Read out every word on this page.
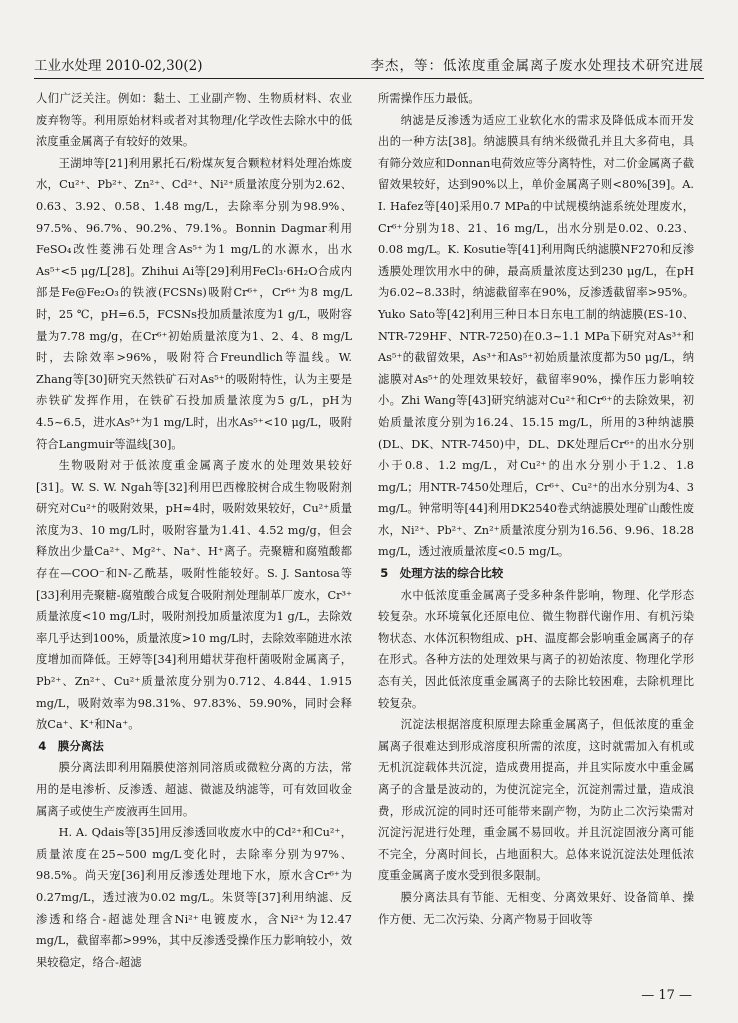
工业水处理 2010-02,30(2)	李杰，等：低浓度重金属离子废水处理技术研究进展

人们广泛关注。例如：黏土、工业副产物、生物质材料、农业废弃物等。利用原始材料或者对其物理/化学改性去除水中的低浓度重金属离子有较好的效果。

王湖坤等[21]利用累托石/粉煤灰复合颗粒材料处理冶炼废水，Cu²⁺、Pb²⁺、Zn²⁺、Cd²⁺、Ni²⁺质量浓度分别为2.62、0.63、3.92、0.58、1.48 mg/L，去除率分别为98.9%、97.5%、96.7%、90.2%、79.1%。Bonnin Dagmar利用FeSO₄改性菱沸石处理含As⁵⁺为1 mg/L的水源水，出水As⁵⁺<5 μg/L[28]。Zhihui Ai等[29]利用FeCl₃·6H₂O合成内部是Fe@Fe₂O₃的铁液(FCSNs)吸附Cr⁶⁺，Cr⁶⁺为8 mg/L时，25 ℃，pH=6.5，FCSNs投加质量浓度为1 g/L，吸附容量为7.78 mg/g，在Cr⁶⁺初始质量浓度为1、2、4、8 mg/L时，去除效率>96%，吸附符合Freundlich等温线。W. Zhang等[30]研究天然铁矿石对As⁵⁺的吸附特性，认为主要是赤铁矿发挥作用，在铁矿石投加质量浓度为5 g/L，pH为4.5~6.5，进水As⁵⁺为1 mg/L时，出水As⁵⁺<10 μg/L，吸附符合Langmuir等温线[30]。

生物吸附对于低浓度重金属离子废水的处理效果较好[31]。W. S. W. Ngah等[32]利用巴西橡胶树合成生物吸附剂研究对Cu²⁺的吸附效果，pH≈4时，吸附效果较好，Cu²⁺质量浓度为3、10 mg/L时，吸附容量为1.41、4.52 mg/g，但会释放出少量Ca²⁺、Mg²⁺、Na⁺、H⁺离子。壳聚糖和腐殖酸都存在—COO⁻和N-乙酰基，吸附性能较好。S. J. Santosa等[33]利用壳聚糖-腐殖酸合成复合吸附剂处理制革厂废水，Cr³⁺质量浓度<10 mg/L时，吸附剂投加质量浓度为1 g/L，去除效率几乎达到100%，质量浓度>10 mg/L时，去除效率随进水浓度增加而降低。王婷等[34]利用蜡状芽孢杆菌吸附金属离子，Pb²⁺、Zn²⁺、Cu²⁺质量浓度分别为0.712、4.844、1.915 mg/L，吸附效率为98.31%、97.83%、59.90%，同时会释放Ca⁺、K⁺和Na⁺。

4　膜分离法

膜分离法即利用隔膜使溶剂同溶质或微粒分离的方法，常用的是电渗析、反渗透、超滤、微滤及纳滤等，可有效回收金属离子或使生产废液再生回用。

H. A. Qdais等[35]用反渗透回收废水中的Cd²⁺和Cu²⁺，质量浓度在25~500 mg/L变化时，去除率分别为97%、98.5%。尚天宠[36]利用反渗透处理地下水，原水含Cr⁶⁺为0.27mg/L，透过液为0.02 mg/L。朱贤等[37]利用纳滤、反渗透和络合-超滤处理含Ni²⁺电镀废水，含Ni²⁺为12.47 mg/L，截留率都>99%，其中反渗透受操作压力影响较小，效果较稳定，络合-超滤

所需操作压力最低。

纳滤是反渗透为适应工业软化水的需求及降低成本而开发出的一种方法[38]。纳滤膜具有纳米级微孔并且大多荷电，具有筛分效应和Donnan电荷效应等分离特性，对二价金属离子截留效果较好，达到90%以上，单价金属离子则<80%[39]。A. I. Hafez等[40]采用0.7 MPa的中试规模纳滤系统处理废水，Cr⁶⁺分别为18、21、16 mg/L，出水分别是0.02、0.23、0.08 mg/L。K. Kosutie等[41]利用陶氏纳滤膜NF270和反渗透膜处理饮用水中的砷，最高质量浓度达到230 μg/L，在pH为6.02~8.33时，纳滤截留率在90%，反渗透截留率>95%。Yuko Sato等[42]利用三种日本日东电工制的纳滤膜(ES-10、NTR-729HF、NTR-7250)在0.3~1.1 MPa下研究对As³⁺和As⁵⁺的截留效果，As³⁺和As⁵⁺初始质量浓度都为50 μg/L，纳滤膜对As⁵⁺的处理效果较好，截留率90%，操作压力影响较小。Zhi Wang等[43]研究纳滤对Cu²⁺和Cr⁶⁺的去除效果，初始质量浓度分别为16.24、15.15 mg/L，所用的3种纳滤膜(DL、DK、NTR-7450)中，DL、DK处理后Cr⁶⁺的出水分别小于0.8、1.2 mg/L，对Cu²⁺的出水分别小于1.2、1.8 mg/L；用NTR-7450处理后，Cr⁶⁺、Cu²⁺的出水分别为4、3 mg/L。钟常明等[44]利用DK2540卷式纳滤膜处理矿山酸性废水，Ni²⁺、Pb²⁺、Zn²⁺质量浓度分别为16.56、9.96、18.28 mg/L，透过液质量浓度<0.5 mg/L。

5　处理方法的综合比较

水中低浓度重金属离子受多种条件影响，物理、化学形态较复杂。水环境氧化还原电位、微生物群代谢作用、有机污染物状态、水体沉积物组成、pH、温度都会影响重金属离子的存在形式。各种方法的处理效果与离子的初始浓度、物理化学形态有关，因此低浓度重金属离子的去除比较困难，去除机理比较复杂。

沉淀法根据溶度积原理去除重金属离子，但低浓度的重金属离子很难达到形成溶度积所需的浓度，这时就需加入有机或无机沉淀载体共沉淀，造成费用提高，并且实际废水中重金属离子的含量是波动的，为使沉淀完全，沉淀剂需过量，造成浪费，形成沉淀的同时还可能带来副产物，为防止二次污染需对沉淀污泥进行处理，重金属不易回收。并且沉淀固液分离可能不完全，分离时间长，占地面积大。总体来说沉淀法处理低浓度重金属离子废水受到很多限制。

膜分离法具有节能、无相变、分离效果好、设备简单、操作方便、无二次污染、分离产物易于回收等

— 17 —
